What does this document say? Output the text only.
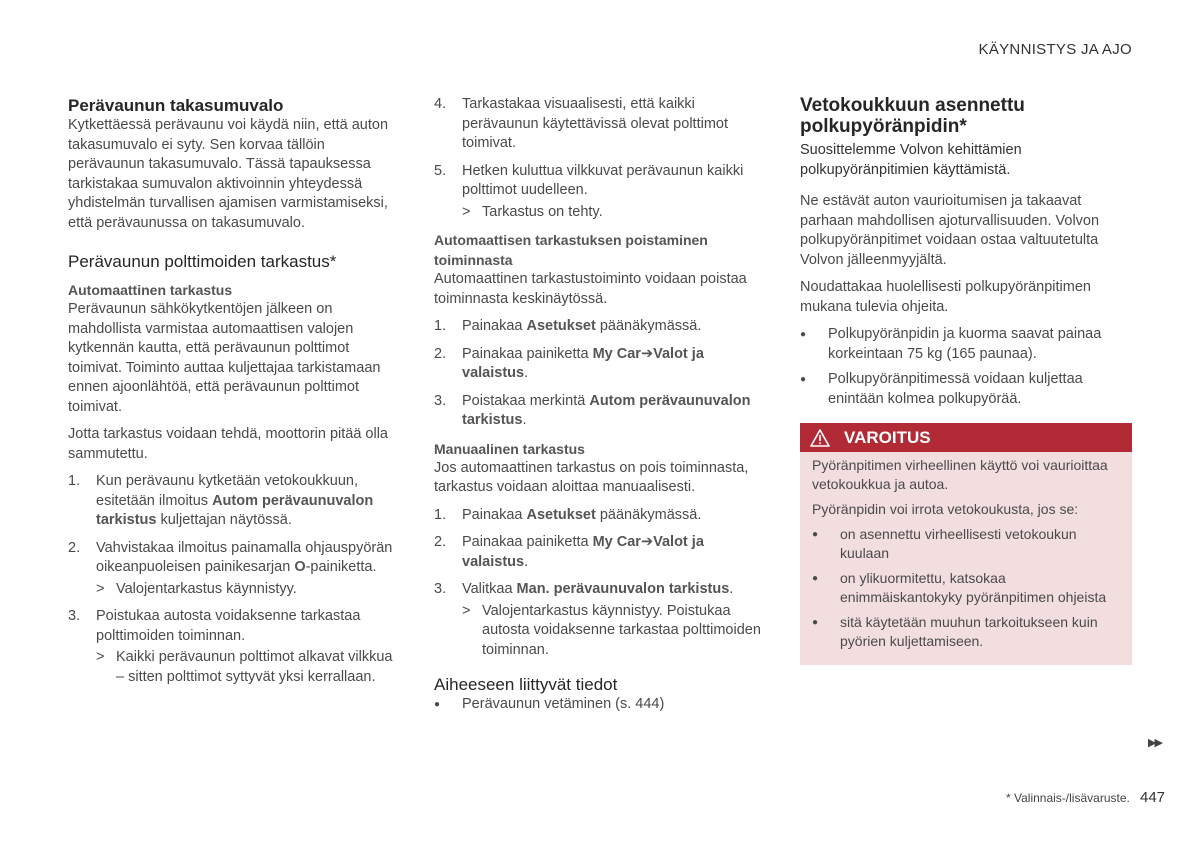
KÄYNNISTYS JA AJO
Perävaunun takasumuvalo

Kytkettäessä perävaunu voi käydä niin, että auton takasumuvalo ei syty. Sen korvaa tällöin perävaunun takasumuvalo. Tässä tapauksessa tarkistakaa sumuvalon aktivoinnin yhteydessä yhdistelmän turvallisen ajamisen varmistamiseksi, että perävaunussa on takasumuvalo.

Perävaunun polttimoiden tarkastus*
Automaattinen tarkastus

Perävaunun sähkökytkentöjen jälkeen on mahdollista varmistaa automaattisen valojen kytkennän kautta, että perävaunun polttimot toimivat. Toiminto auttaa kuljettajaa tarkistamaan ennen ajoonlähtöä, että perävaunun polttimot toimivat.

Jotta tarkastus voidaan tehdä, moottorin pitää olla sammutettu.

1.	Kun perävaunu kytketään vetokoukkuun, esitetään ilmoitus Autom perävaunuvalon tarkistus kuljettajan näytössä.
2.	Vahvistakaa ilmoitus painamalla ohjauspyörän oikeanpuoleisen painikesarjan O-painiketta.
> Valojentarkastus käynnistyy.
3.	Poistukaa autosta voidaksenne tarkastaa polttimoiden toiminnan.
> Kaikki perävaunun polttimot alkavat vilkkua – sitten polttimot syttyvät yksi kerrallaan.
4.	Tarkastakaa visuaalisesti, että kaikki perävaunun käytettävissä olevat polttimot toimivat.
5.	Hetken kuluttua vilkkuvat perävaunun kaikki polttimot uudelleen.
> Tarkastus on tehty.
Automaattisen tarkastuksen poistaminen toiminnasta

Automaattinen tarkastustoiminto voidaan poistaa toiminnasta keskinäytössä.

1.	Painakaa Asetukset päänäkymässä.
2.	Painakaa painiketta My Car➔Valot ja valaistus.
3.	Poistakaa merkintä Autom perävaunuvalon tarkistus.
Manuaalinen tarkastus

Jos automaattinen tarkastus on pois toiminnasta, tarkastus voidaan aloittaa manuaalisesti.

1.	Painakaa Asetukset päänäkymässä.
2.	Painakaa painiketta My Car➔Valot ja valaistus.
3.	Valitkaa Man. perävaunuvalon tarkistus.
> Valojentarkastus käynnistyy. Poistukaa autosta voidaksenne tarkastaa polttimoiden toiminnan.
Aiheeseen liittyvät tiedot
●	Perävaunun vetäminen (s. 444)
Vetokoukkuun asennettu polkupyöränpidin*

Suosittelemme Volvon kehittämien polkupyöränpitimien käyttämistä.

Ne estävät auton vaurioitumisen ja takaavat parhaan mahdollisen ajoturvallisuuden. Volvon polkupyöränpitimet voidaan ostaa valtuutetulta Volvon jälleenmyyjältä.

Noudattakaa huolellisesti polkupyöränpitimen mukana tulevia ohjeita.

●	Polkupyöränpidin ja kuorma saavat painaa korkeintaan 75 kg (165 paunaa).
●	Polkupyöränpitimessä voidaan kuljettaa enintään kolmea polkupyörää.
VAROITUS

Pyöränpitimen virheellinen käyttö voi vaurioittaa vetokoukkua ja autoa.

Pyöränpidin voi irrota vetokoukusta, jos se:

●	on asennettu virheellisesti vetokoukun kuulaan
●	on ylikuormitettu, katsokaa enimmäiskantokyky pyöränpitimen ohjeista
●	sitä käytetään muuhun tarkoitukseen kuin pyörien kuljettamiseen.
▶▶
* Valinnais-/lisävaruste. 447
